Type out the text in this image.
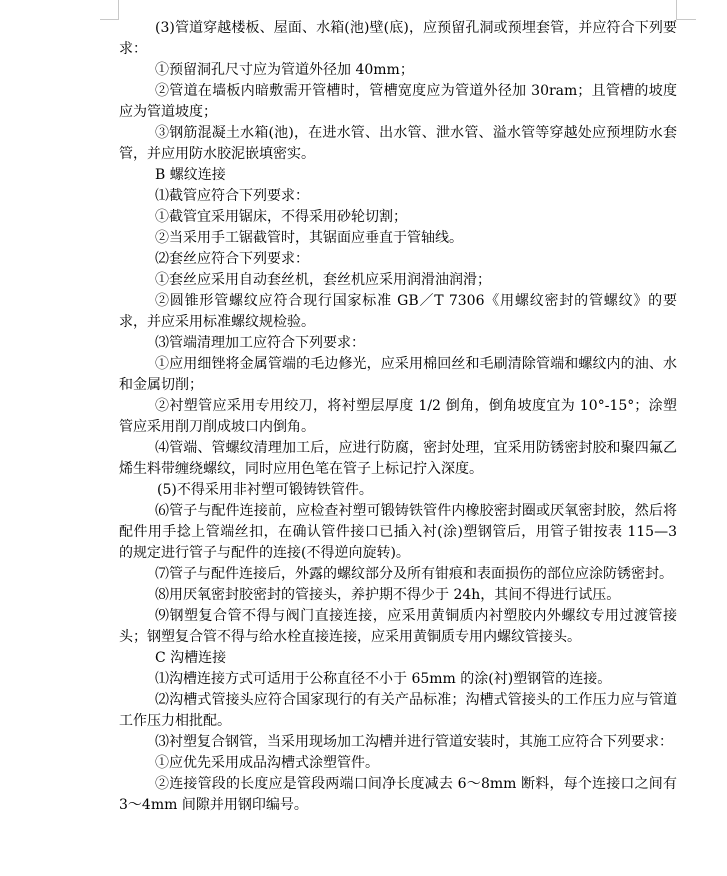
(3)管道穿越楼板、屋面、水箱(池)壁(底)，应预留孔洞或预埋套管，并应符合下列要求：

①预留洞孔尺寸应为管道外径加 40mm；

②管道在墙板内暗敷需开管槽时，管槽宽度应为管道外径加 30ram；且管槽的坡度应为管道坡度；

③钢筋混凝土水箱(池)，在进水管、出水管、泄水管、溢水管等穿越处应预埋防水套管，并应用防水胶泥嵌填密实。

B 螺纹连接

⑴截管应符合下列要求：

①截管宜采用锯床，不得采用砂轮切割；

②当采用手工锯截管时，其锯面应垂直于管轴线。

⑵套丝应符合下列要求：

①套丝应采用自动套丝机，套丝机应采用润滑油润滑；

②圆锥形管螺纹应符合现行国家标准 GB／T 7306《用螺纹密封的管螺纹》的要求，并应采用标准螺纹规检验。

⑶管端清理加工应符合下列要求：

①应用细锉将金属管端的毛边修光，应采用棉回丝和毛刷清除管端和螺纹内的油、水和金属切削；

②衬塑管应采用专用绞刀，将衬塑层厚度 1/2 倒角，倒角坡度宜为 10°-15°；涂塑管应采用削刀削成坡口内倒角。

⑷管端、管螺纹清理加工后，应进行防腐，密封处理，宜采用防锈密封胶和聚四氟乙烯生料带缠绕螺纹，同时应用色笔在管子上标记拧入深度。

(5)不得采用非衬塑可锻铸铁管件。

⑹管子与配件连接前，应检查衬塑可锻铸铁管件内橡胶密封圈或厌氧密封胶，然后将配件用手捻上管端丝扣，在确认管件接口已插入衬(涂)塑钢管后，用管子钳按表 115—3 的规定进行管子与配件的连接(不得逆向旋转)。

⑺管子与配件连接后，外露的螺纹部分及所有钳痕和表面损伤的部位应涂防锈密封。

⑻用厌氧密封胶密封的管接头，养护期不得少于 24h，其间不得进行试压。

⑼钢塑复合管不得与阀门直接连接，应采用黄铜质内衬塑胶内外螺纹专用过渡管接头；钢塑复合管不得与给水栓直接连接，应采用黄铜质专用内螺纹管接头。

C 沟槽连接

⑴沟槽连接方式可适用于公称直径不小于 65mm 的涂(衬)塑钢管的连接。

⑵沟槽式管接头应符合国家现行的有关产品标准；沟槽式管接头的工作压力应与管道工作压力相批配。

⑶衬塑复合钢管，当采用现场加工沟槽并进行管道安装时，其施工应符合下列要求：

①应优先采用成品沟槽式涂塑管件。

②连接管段的长度应是管段两端口间净长度减去 6～8mm 断料，每个连接口之间有 3～4mm 间隙并用钢印编号。
